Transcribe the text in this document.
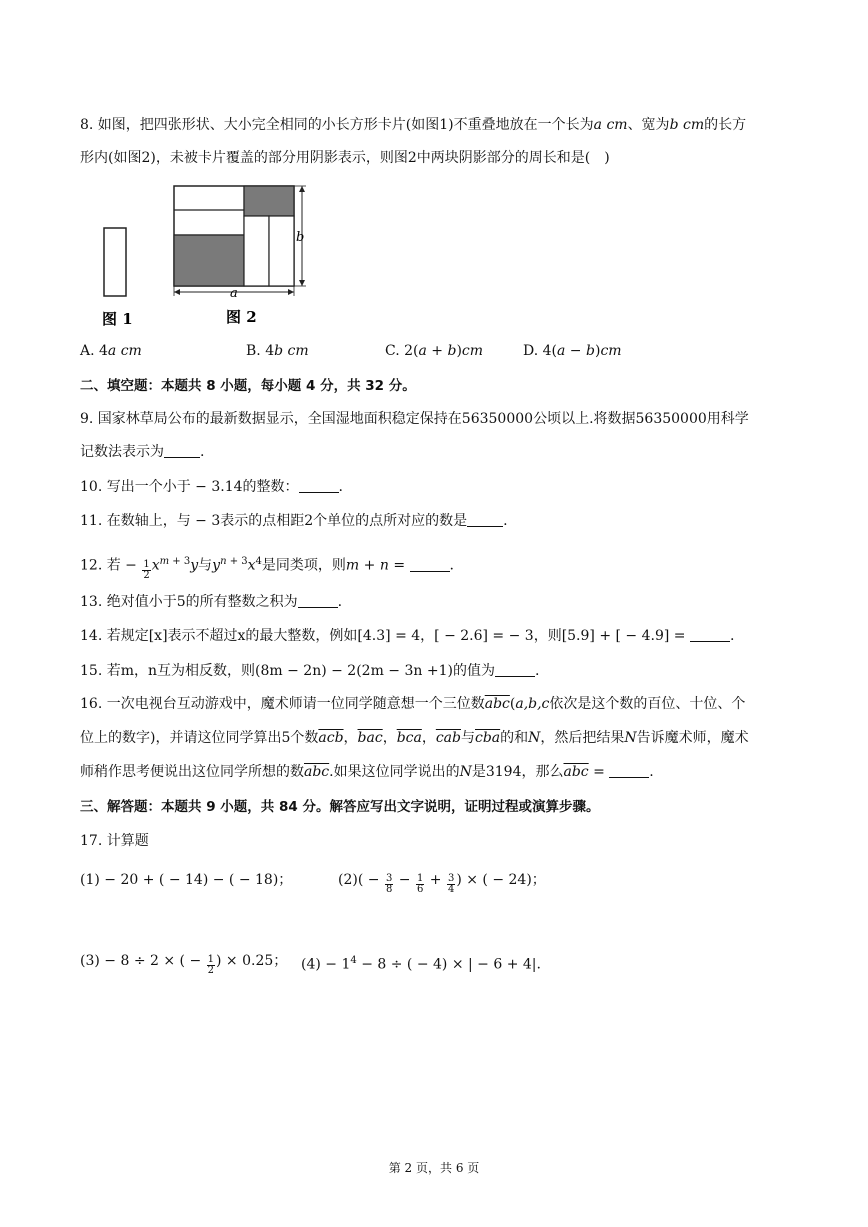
8. 如图，把四张形状、大小完全相同的小长方形卡片(如图1)不重叠地放在一个长为a cm、宽为b cm的长方
形内(如图2)，未被卡片覆盖的部分用阴影表示，则图2中两块阴影部分的周长和是(　)
b
a
图 1	图 2
A. 4a cm	B. 4b cm	C. 2(a + b)cm	D. 4(a − b)cm
二、填空题：本题共 8 小题，每小题 4 分，共 32 分。
9. 国家林草局公布的最新数据显示，全国湿地面积稳定保持在56350000公顷以上.将数据56350000用科学
记数法表示为	.
10. 写出一个小于 − 3.14的整数：	.
11. 在数轴上，与 − 3表示的点相距2个单位的点所对应的数是	.
12. 若 − $\frac{1}{2} x^m$ $^{+ 3}$y与$y^n$ $^{+ 3}x^4$是同类项，则m + n =	.
13. 绝对值小于5的所有整数之积为	.
14. 若规定[x]表示不超过x的最大整数，例如[4.3] = 4，[ − 2.6] = − 3，则[5.9] + [ − 4.9] =	.
15. 若m，n互为相反数，则(8m − 2n) − 2(2m − 3n +1)的值为	.
16. 一次电视台互动游戏中，魔术师请一位同学随意想一个三位数$\overline{abc}(a,b,c$依次是这个数的百位、十位、个
位上的数字)，并请这位同学算出5个数$\overline{acb}$，$\overline{bac}$，$\overline{bca}$，$\overline{cab}$与$\overline{cba}$的和N，然后把结果N告诉魔术师，魔术
师稍作思考便说出这位同学所想的数$\overline{abc}$.如果这位同学说出的N是3194，那么$\overline{abc}$ =	.
三、解答题：本题共 9 小题，共 84 分。解答应写出文字说明，证明过程或演算步骤。
17. 计算题
(1) − 20 + ( − 14) − ( − 18)；	$(2)( - \frac{3}{8} - \frac{1}{6} + \frac{3}{4}$ ) × ( − 24)；
(3) − 8 ÷ 2 × ( − $\frac{1}{2}$ ) × 0.25； $(4) - 1^4 - 8$ ÷ ( − 4) × | − 6 + 4|.
第 2 页，共 6 页
